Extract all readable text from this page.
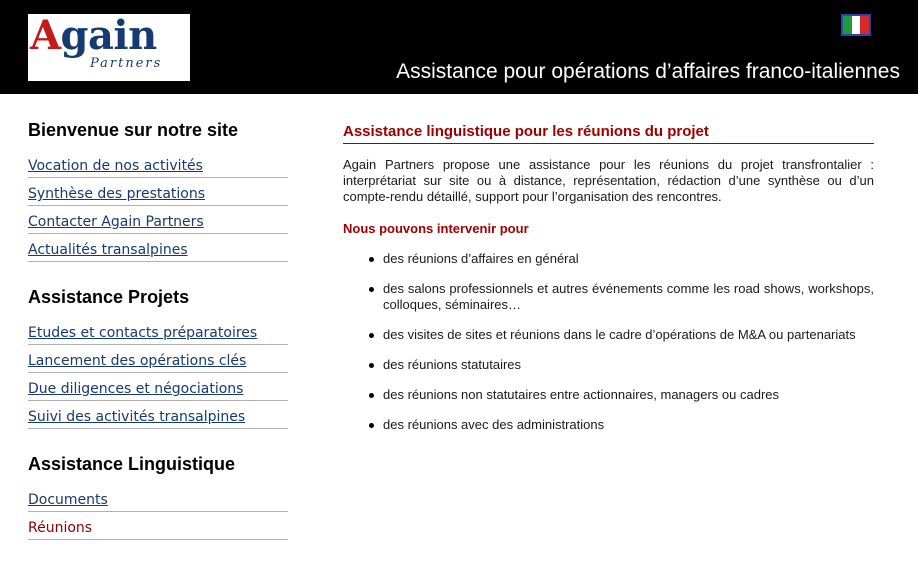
Again
Partners	Assistance pour opérations d’affaires franco-italiennes
Bienvenue sur notre site
Vocation de nos activités
Synthèse des prestations
Contacter Again Partners
Actualités transalpines
Assistance Projets
Etudes et contacts préparatoires
Lancement des opérations clés
Due diligences et négociations
Suivi des activités transalpines
Assistance Linguistique
Documents
Réunions
Assistance linguistique pour les réunions du projet

Again Partners propose une assistance pour les réunions du projet transfrontalier : interprétariat sur site ou à distance, représentation, rédaction d’une synthèse ou d’un compte-rendu détaillé, support pour l’organisation des rencontres.

Nous pouvons intervenir pour

des réunions d’affaires en général
des salons professionnels et autres événements comme les road shows, workshops, colloques, séminaires…
des visites de sites et réunions dans le cadre d’opérations de M&A ou partenariats
des réunions statutaires
des réunions non statutaires entre actionnaires, managers ou cadres
des réunions avec des administrations
